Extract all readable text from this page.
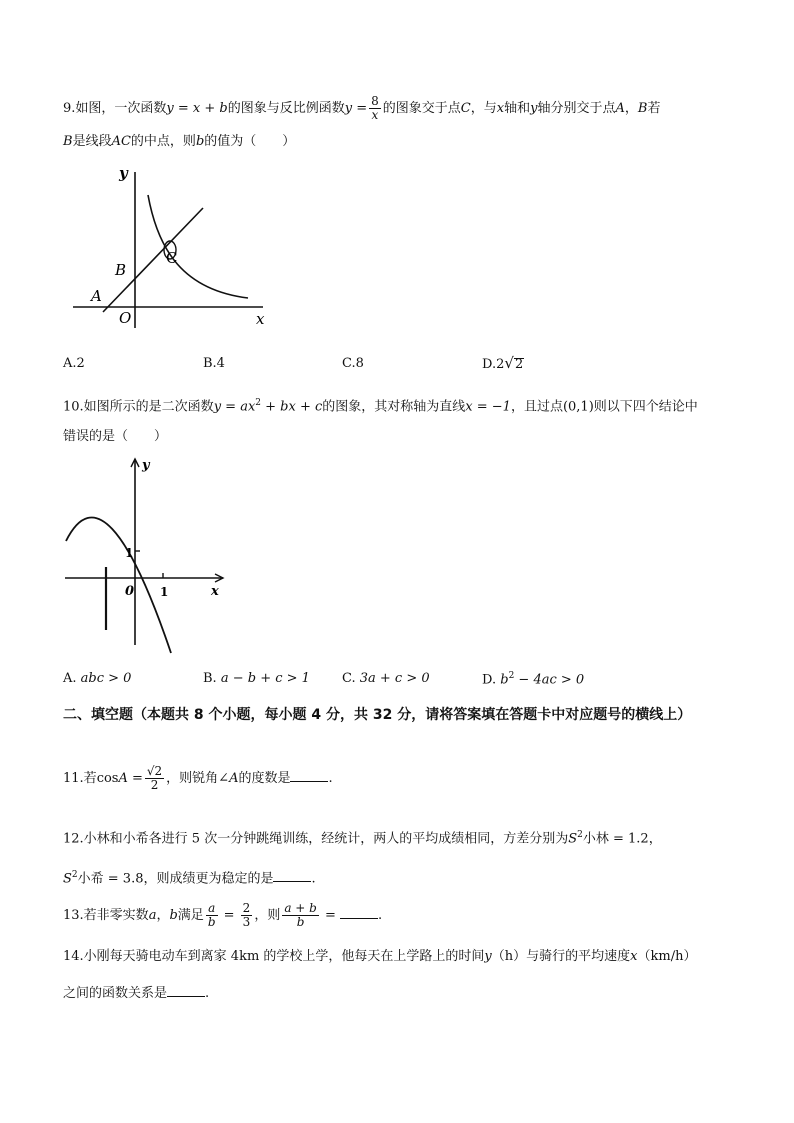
9.如图，一次函数y = x + b的图象与反比例函数$y = \frac{8}{x}$ 的图象交于点C，与x轴和y轴分别交于点A，B若
B是线段AC的中点，则b的值为（　　）
y
x
B
A
O
C
A.2	B.4	C.8	D.2√2
10.如图所示的是二次函数$y = ax^2$ + bx + c的图象，其对称轴为直线x = −1，且过点(0,1)则以下四个结论中
错误的是（　　）
y
x
1
1
0
A. abc > 0	B. a − b + c > 1 C. 3a + c > 0	D. $b^2 - 4ac > 0$
二、填空题（本题共 8 个小题，每小题 4 分，共 32 分，请将答案填在答题卡中对应题号的横线上）
11.若$\cos A = \frac{√2}{2}$ ，则锐角∠A的度数是	.
12.小林和小希各进行 5 次一分钟跳绳训练，经统计，两人的平均成绩相同，方差分别为$S^2$小林 = 1.2，
$S^2$小希 = 3.8，则成绩更为稳定的是	.
13.若非零实数a，b满足 $\frac{a}{b} = \frac{2}{3}$ ，则 $\frac{a + b}{b}$ =	.
14.小刚每天骑电动车到离家 4km 的学校上学，他每天在上学路上的时间y（h）与骑行的平均速度x（km/h）
之间的函数关系是	.
